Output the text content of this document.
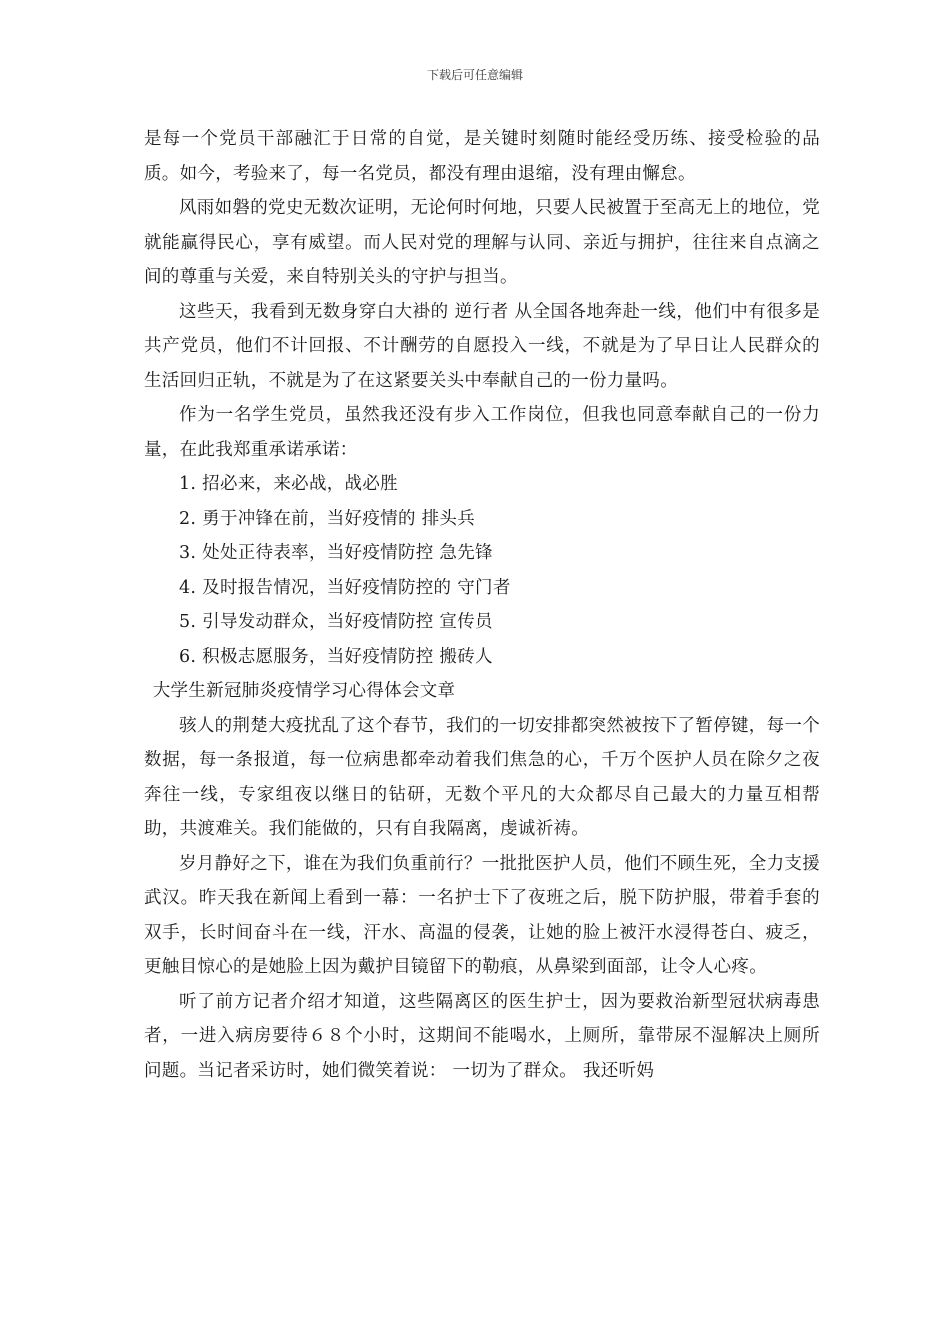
下载后可任意编辑

是每一个党员干部融汇于日常的自觉，是关键时刻随时能经受历练、接受检验的品质。如今，考验来了，每一名党员，都没有理由退缩，没有理由懈怠。

风雨如磐的党史无数次证明，无论何时何地，只要人民被置于至高无上的地位，党就能赢得民心，享有威望。而人民对党的理解与认同、亲近与拥护，往往来自点滴之间的尊重与关爱，来自特别关头的守护与担当。

这些天，我看到无数身穿白大褂的 逆行者 从全国各地奔赴一线，他们中有很多是共产党员，他们不计回报、不计酬劳的自愿投入一线，不就是为了早日让人民群众的生活回归正轨，不就是为了在这紧要关头中奉献自己的一份力量吗。

作为一名学生党员，虽然我还没有步入工作岗位，但我也同意奉献自己的一份力量，在此我郑重承诺承诺：

1. 招必来，来必战，战必胜

2. 勇于冲锋在前，当好疫情的 排头兵

3. 处处正待表率，当好疫情防控 急先锋

4. 及时报告情况，当好疫情防控的 守门者

5. 引导发动群众，当好疫情防控 宣传员

6. 积极志愿服务，当好疫情防控 搬砖人

大学生新冠肺炎疫情学习心得体会文章

骇人的荆楚大疫扰乱了这个春节，我们的一切安排都突然被按下了暂停键，每一个数据，每一条报道，每一位病患都牵动着我们焦急的心，千万个医护人员在除夕之夜奔往一线，专家组夜以继日的钻研，无数个平凡的大众都尽自己最大的力量互相帮助，共渡难关。我们能做的，只有自我隔离，虔诚祈祷。

岁月静好之下，谁在为我们负重前行？一批批医护人员，他们不顾生死，全力支援武汉。昨天我在新闻上看到一幕：一名护士下了夜班之后，脱下防护服，带着手套的双手，长时间奋斗在一线，汗水、高温的侵袭，让她的脸上被汗水浸得苍白、疲乏，更触目惊心的是她脸上因为戴护目镜留下的勒痕，从鼻梁到面部，让令人心疼。

听了前方记者介绍才知道，这些隔离区的医生护士，因为要救治新型冠状病毒患者，一进入病房要待６８个小时，这期间不能喝水，上厕所，靠带尿不湿解决上厕所问题。当记者采访时，她们微笑着说： 一切为了群众。 我还听妈
